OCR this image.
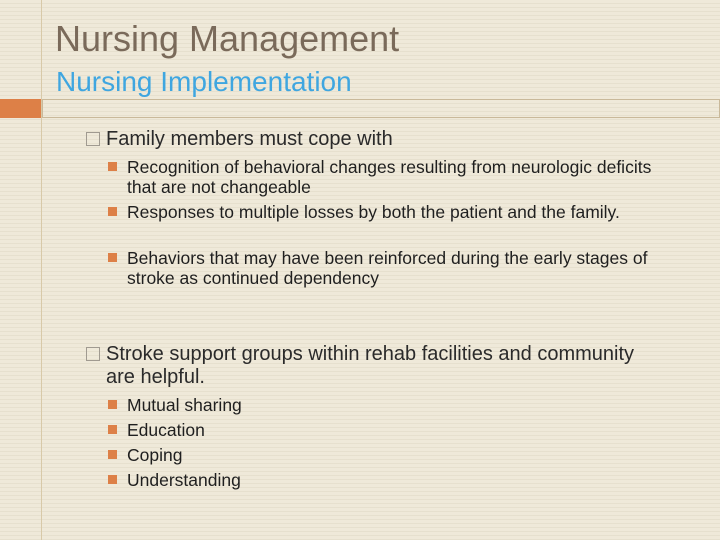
Nursing Management
Nursing Implementation
Family members must cope with
Recognition of behavioral changes resulting from neurologic deficits that are not changeable
Responses to multiple losses by both the patient and the family.
Behaviors that may have been reinforced during the early stages of stroke as continued dependency
Stroke support groups within rehab facilities and community are helpful.
Mutual sharing
Education
Coping
Understanding
